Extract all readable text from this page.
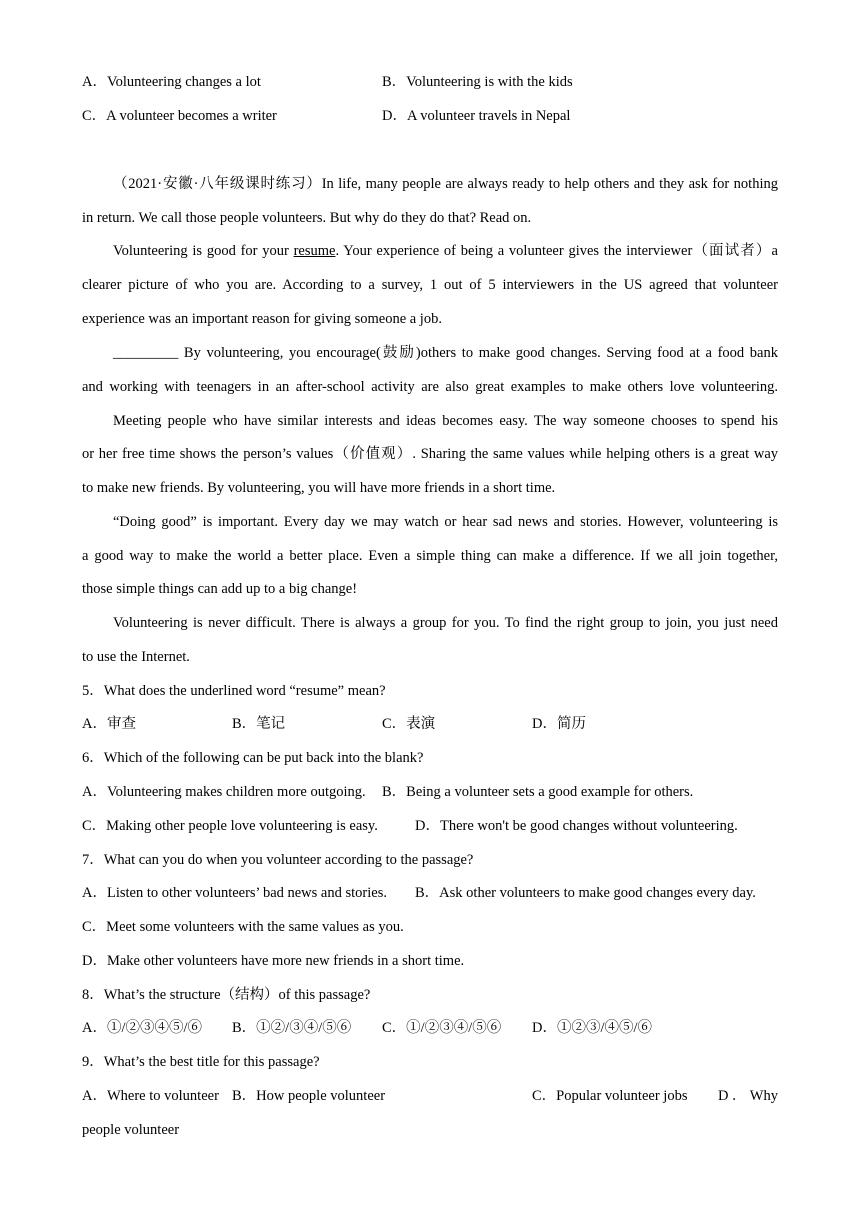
A．Volunteering changes a lot	B．Volunteering is with the kids
C．A volunteer becomes a writer	D．A volunteer travels in Nepal
（2021·安徽·八年级课时练习）In life, many people are always ready to help others and they ask for nothing
in return. We call those people volunteers. But why do they do that? Read on.
Volunteering is good for your resume. Your experience of being a volunteer gives the interviewer（面试者）a
clearer picture of who you are. According to a survey, 1 out of 5 interviewers in the US agreed that volunteer
experience was an important reason for giving someone a job.
_________ By volunteering, you encourage(鼓励)others to make good changes. Serving food at a food bank
and working with teenagers in an after-school activity are also great examples to make others love volunteering.
Meeting people who have similar interests and ideas becomes easy. The way someone chooses to spend his
or her free time shows the person’s values（价值观）. Sharing the same values while helping others is a great way
to make new friends. By volunteering, you will have more friends in a short time.
“Doing good” is important. Every day we may watch or hear sad news and stories. However, volunteering is
a good way to make the world a better place. Even a simple thing can make a difference. If we all join together,
those simple things can add up to a big change!
Volunteering is never difficult. There is always a group for you. To find the right group to join, you just need
to use the Internet.
5．What does the underlined word “resume” mean?
A．审查	B．笔记	C．表演	D．简历
6．Which of the following can be put back into the blank?
A．Volunteering makes children more outgoing. B．Being a volunteer sets a good example for others.
C．Making other people love volunteering is easy.	D．There won't be good changes without volunteering.
7．What can you do when you volunteer according to the passage?
A．Listen to other volunteers’ bad news and stories. B．Ask other volunteers to make good changes every day.
C．Meet some volunteers with the same values as you.
D．Make other volunteers have more new friends in a short time.
8．What’s the structure（结构）of this passage?
A．①/②③④⑤/⑥ B．①②/③④/⑤⑥ C．①/②③④/⑤⑥ D．①②③/④⑤/⑥
9．What’s the best title for this passage?
A．Where to volunteer B．How people volunteer	C．Popular volunteer jobs D．Why
people volunteer
